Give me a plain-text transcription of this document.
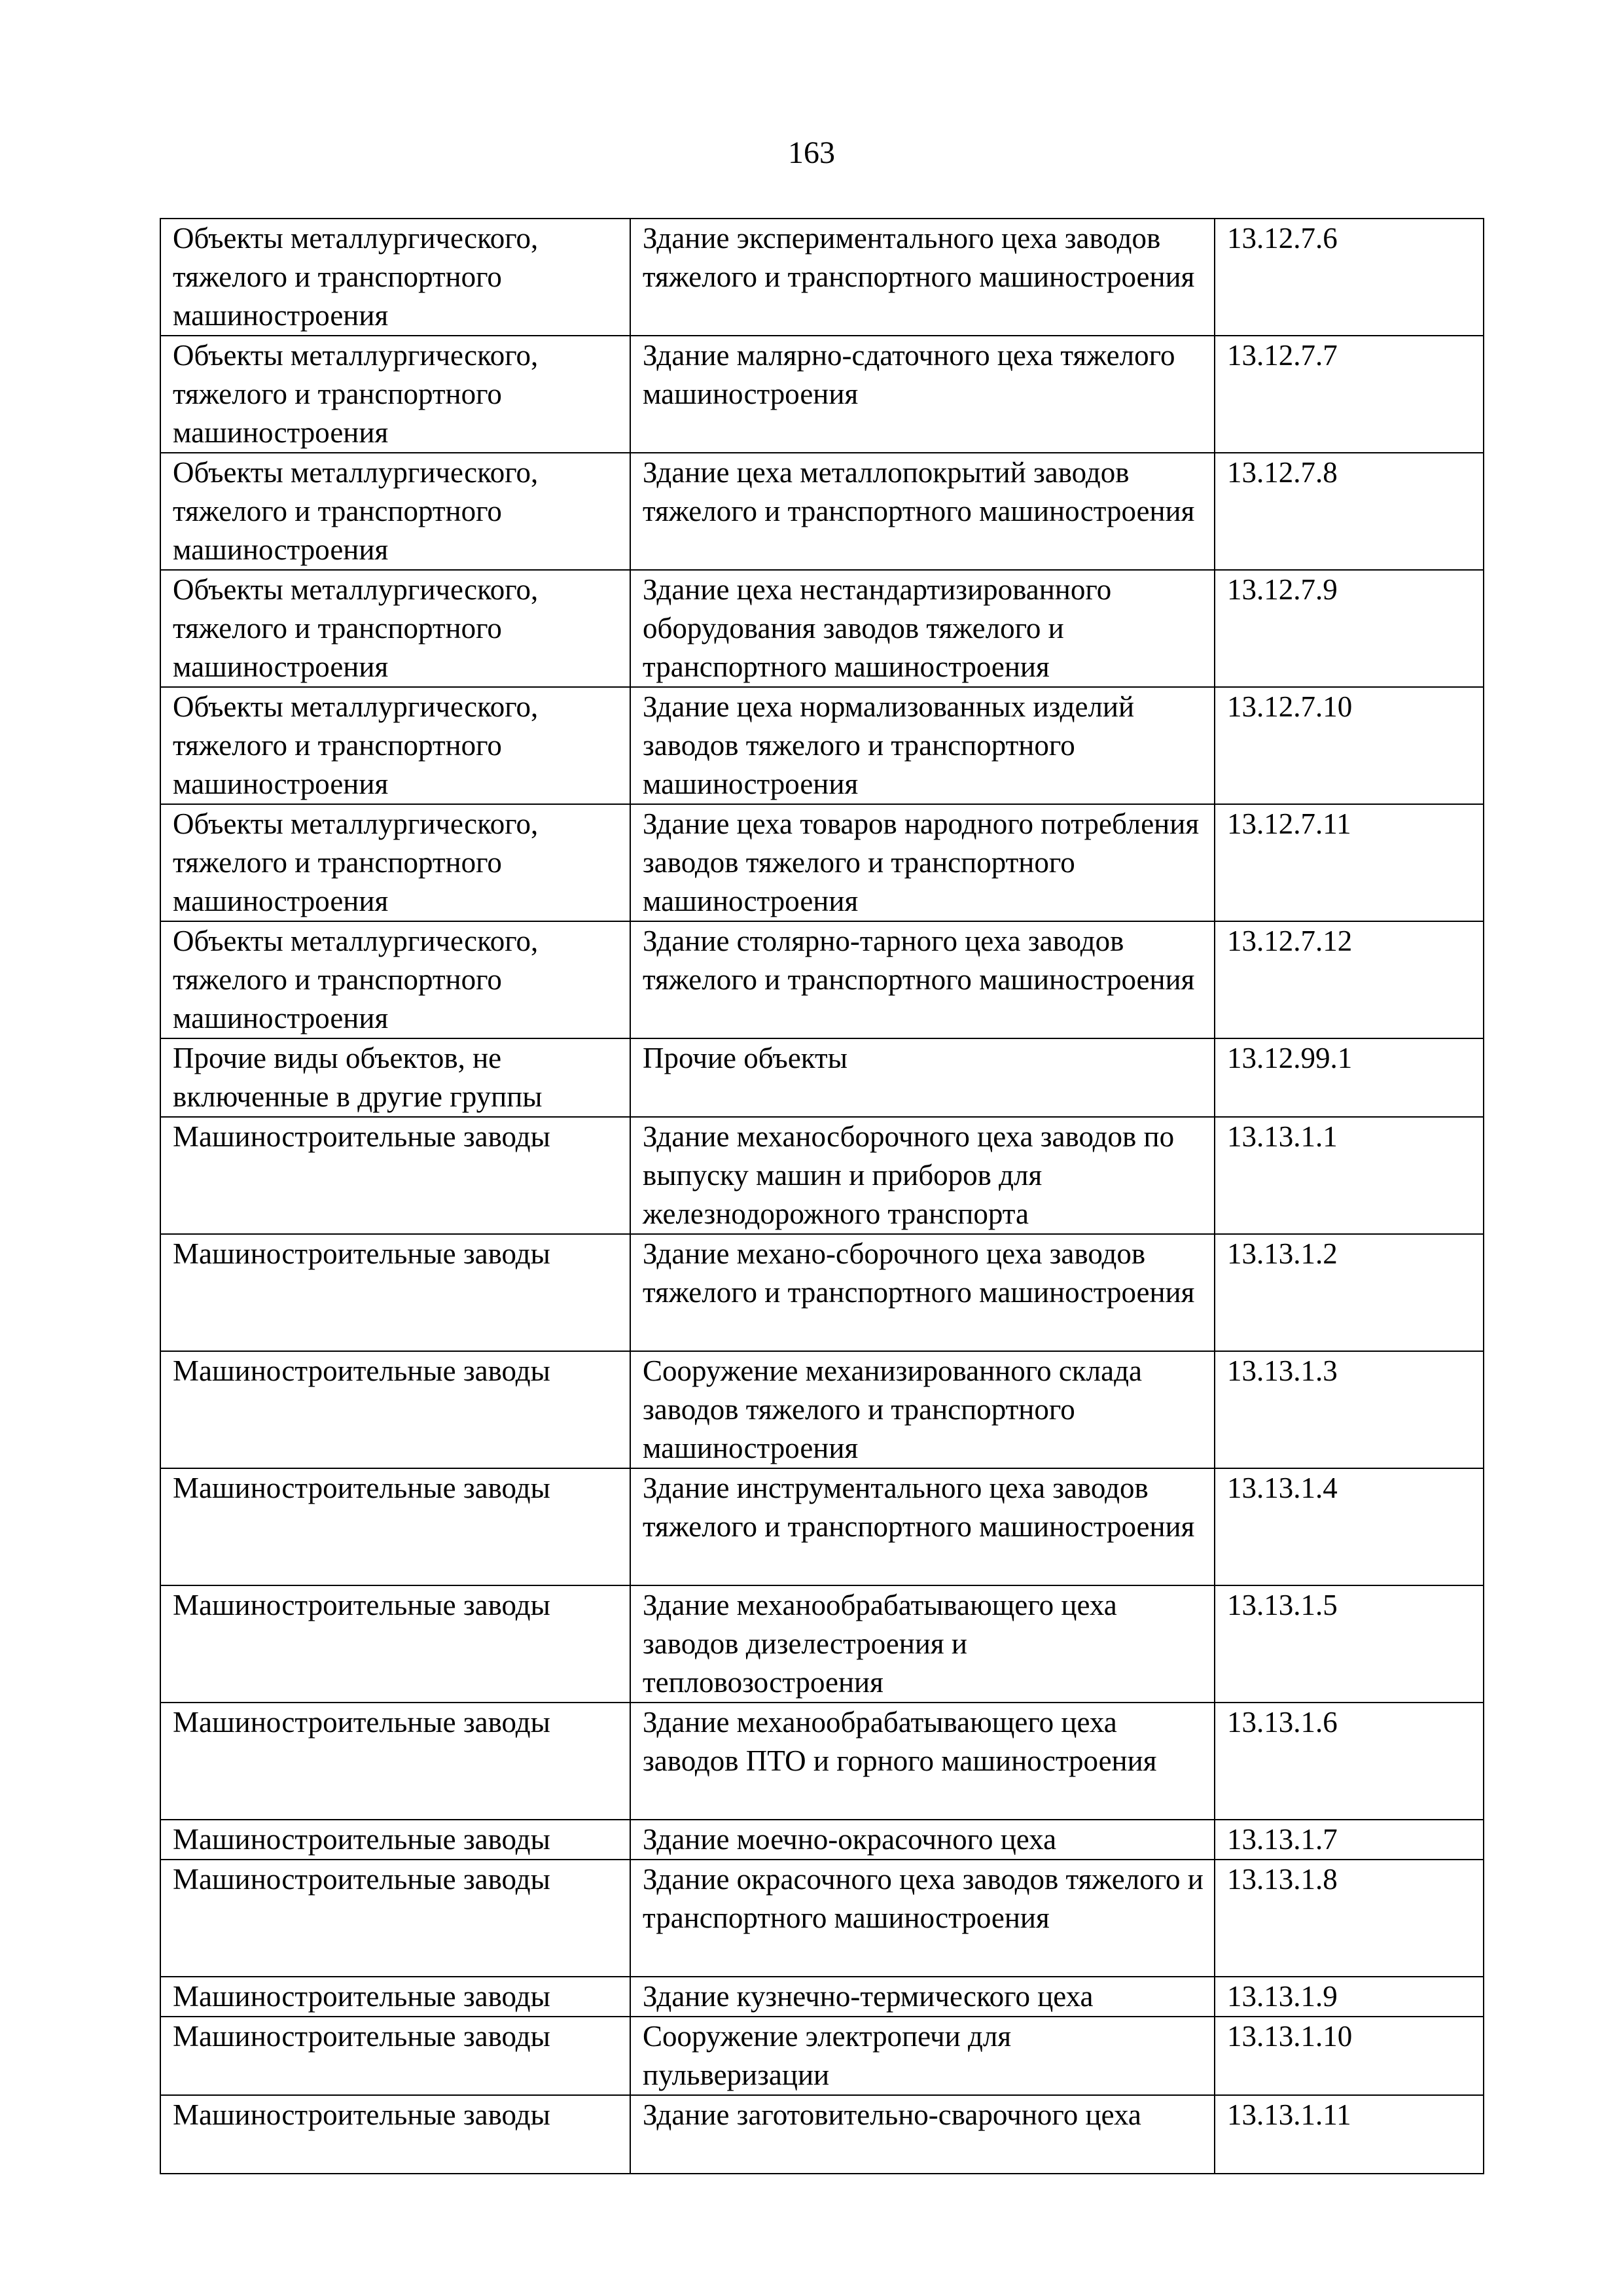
163
Объекты металлургического, тяжелого и транспортного машиностроения	Здание экспериментального цеха заводов тяжелого и транспортного машиностроения	13.12.7.6
Объекты металлургического, тяжелого и транспортного машиностроения	Здание малярно-сдаточного цеха тяжелого машиностроения	13.12.7.7
Объекты металлургического, тяжелого и транспортного машиностроения	Здание цеха металлопокрытий заводов тяжелого и транспортного машиностроения	13.12.7.8
Объекты металлургического, тяжелого и транспортного машиностроения	Здание цеха нестандартизированного оборудования заводов тяжелого и транспортного машиностроения	13.12.7.9
Объекты металлургического, тяжелого и транспортного машиностроения	Здание цеха нормализованных изделий заводов тяжелого и транспортного машиностроения	13.12.7.10
Объекты металлургического, тяжелого и транспортного машиностроения	Здание цеха товаров народного потребления заводов тяжелого и транспортного машиностроения	13.12.7.11
Объекты металлургического, тяжелого и транспортного машиностроения	Здание столярно-тарного цеха заводов тяжелого и транспортного машиностроения	13.12.7.12
Прочие виды объектов, не включенные в другие группы	Прочие объекты	13.12.99.1
Машиностроительные заводы	Здание механосборочного цеха заводов по выпуску машин и приборов для железнодорожного транспорта	13.13.1.1
Машиностроительные заводы	Здание механо-сборочного цеха заводов тяжелого и транспортного машиностроения	13.13.1.2
Машиностроительные заводы	Сооружение механизированного склада заводов тяжелого и транспортного машиностроения	13.13.1.3
Машиностроительные заводы	Здание инструментального цеха заводов тяжелого и транспортного машиностроения	13.13.1.4
Машиностроительные заводы	Здание механообрабатывающего цеха заводов дизелестроения и тепловозостроения	13.13.1.5
Машиностроительные заводы	Здание механообрабатывающего цеха заводов ПТО и горного машиностроения	13.13.1.6
Машиностроительные заводы	Здание моечно-окрасочного цеха	13.13.1.7
Машиностроительные заводы	Здание окрасочного цеха заводов тяжелого и транспортного машиностроения	13.13.1.8
Машиностроительные заводы	Здание кузнечно-термического цеха	13.13.1.9
Машиностроительные заводы	Сооружение электропечи для пульверизации	13.13.1.10
Машиностроительные заводы	Здание заготовительно-сварочного цеха	13.13.1.11
